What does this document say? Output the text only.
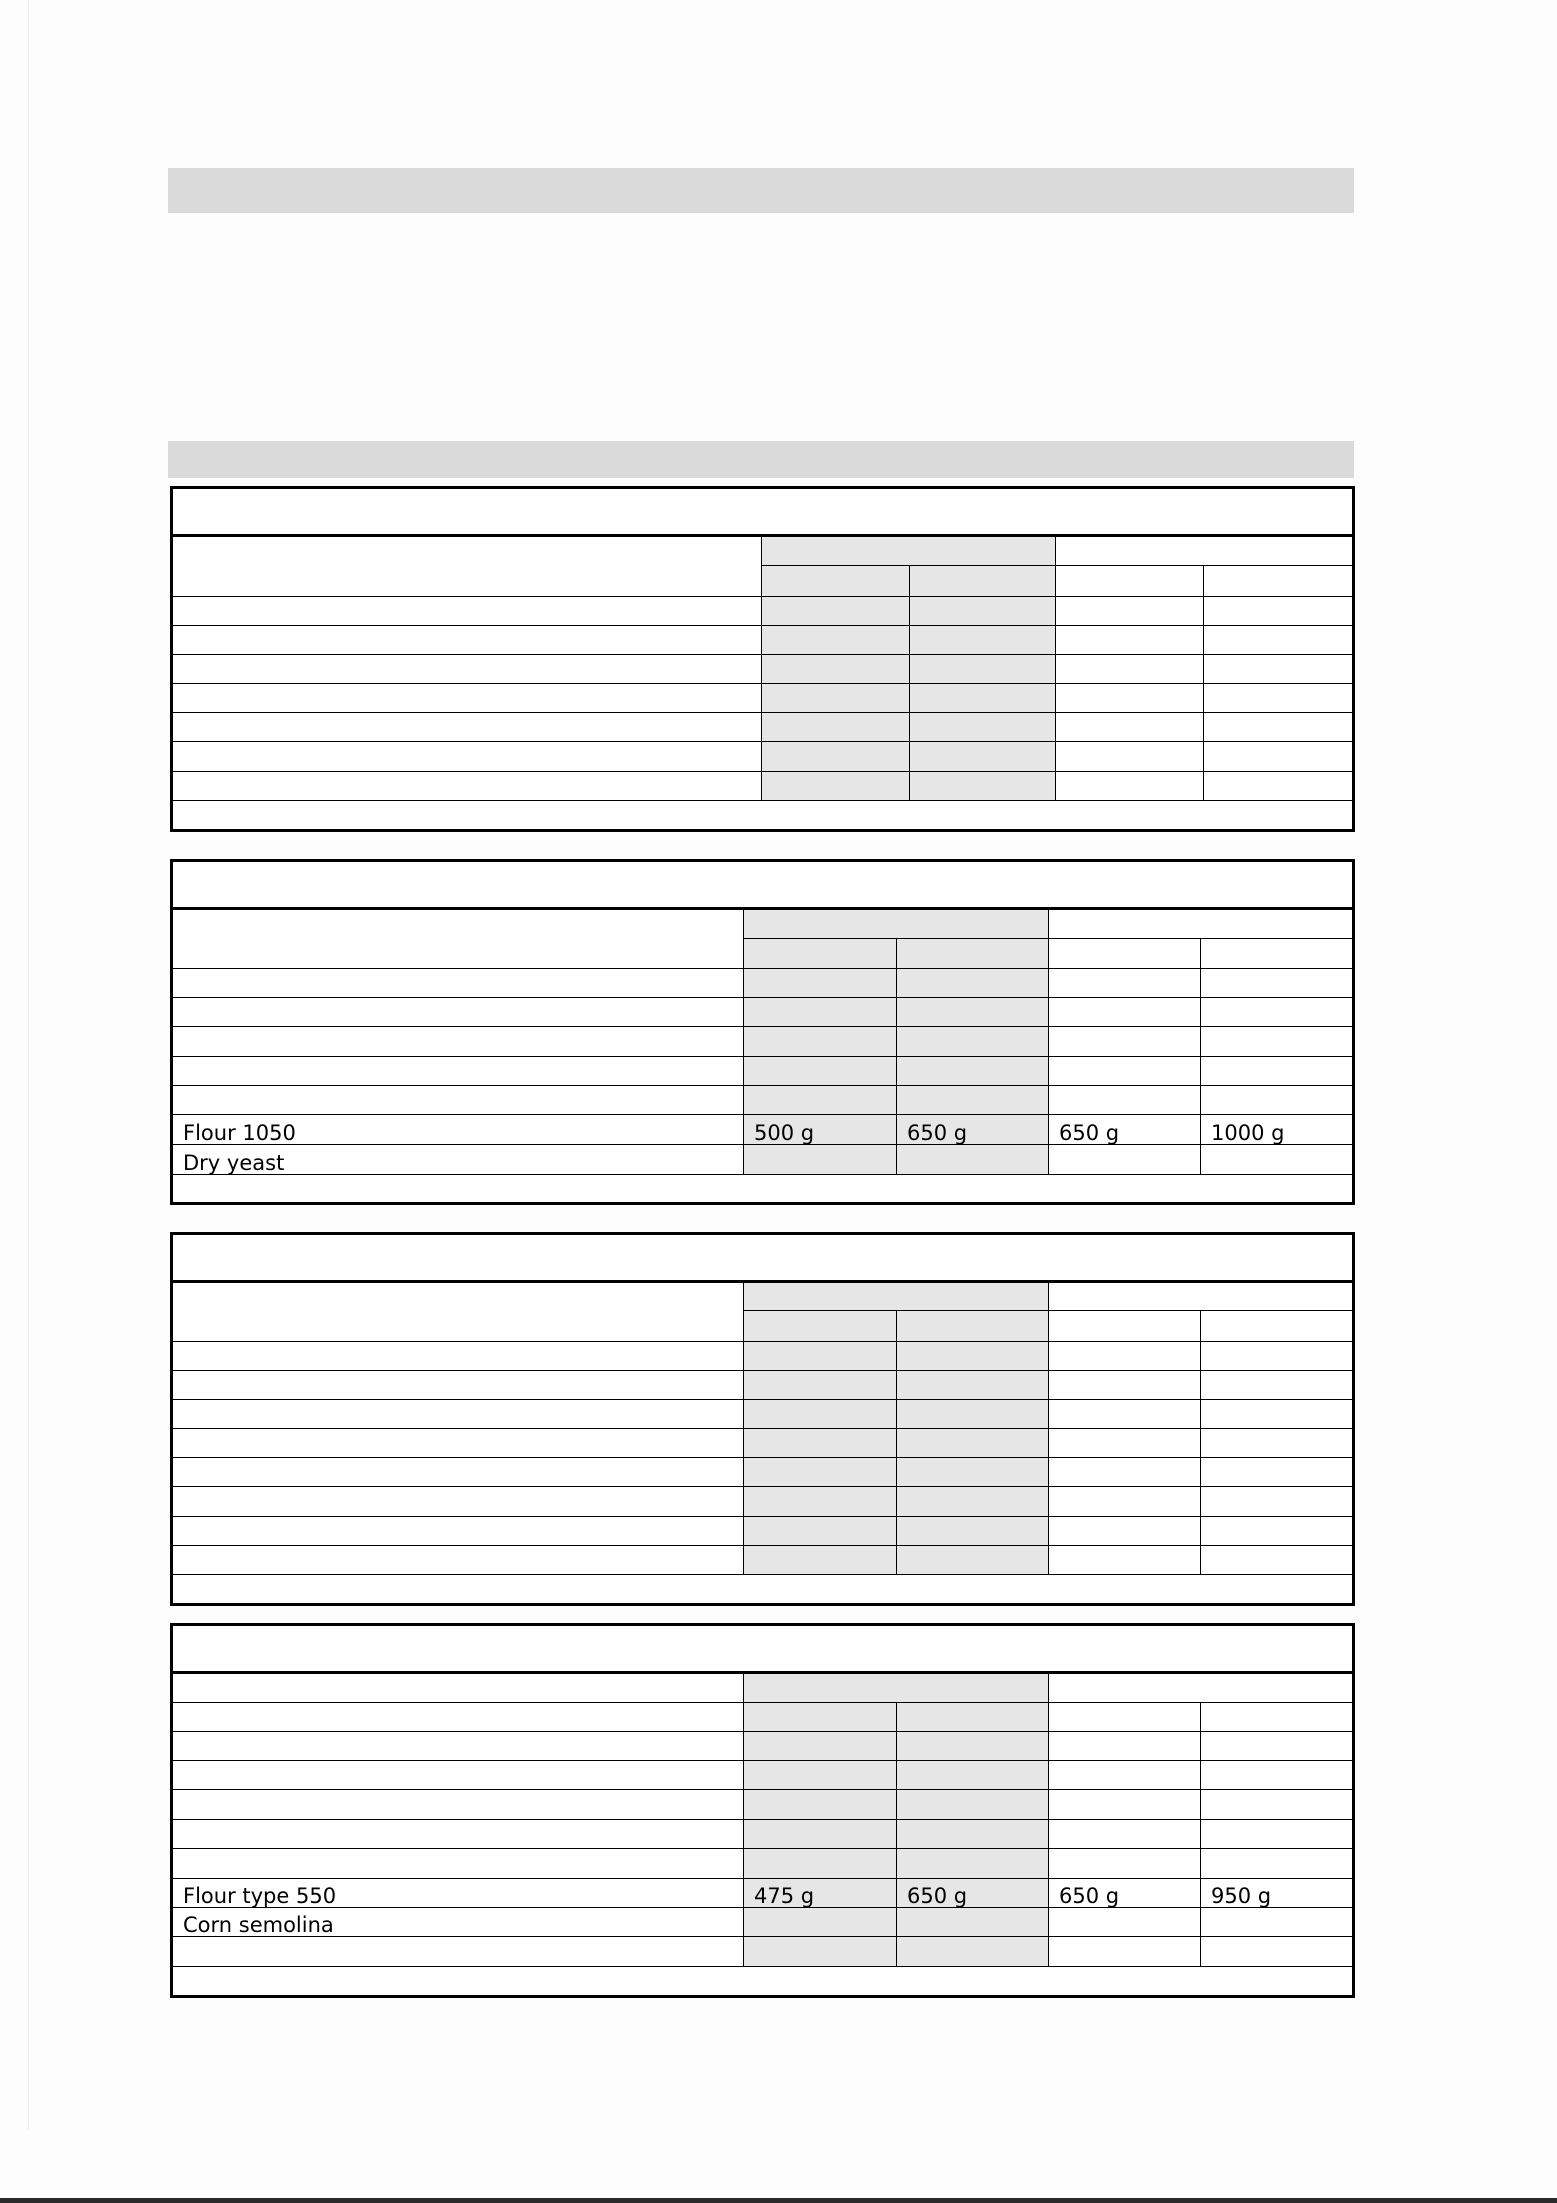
Flour 1050	500 g	650 g	650 g	1000 g
Dry yeast				

Flour type 550	475 g	650 g	650 g	950 g
Corn semolina				
